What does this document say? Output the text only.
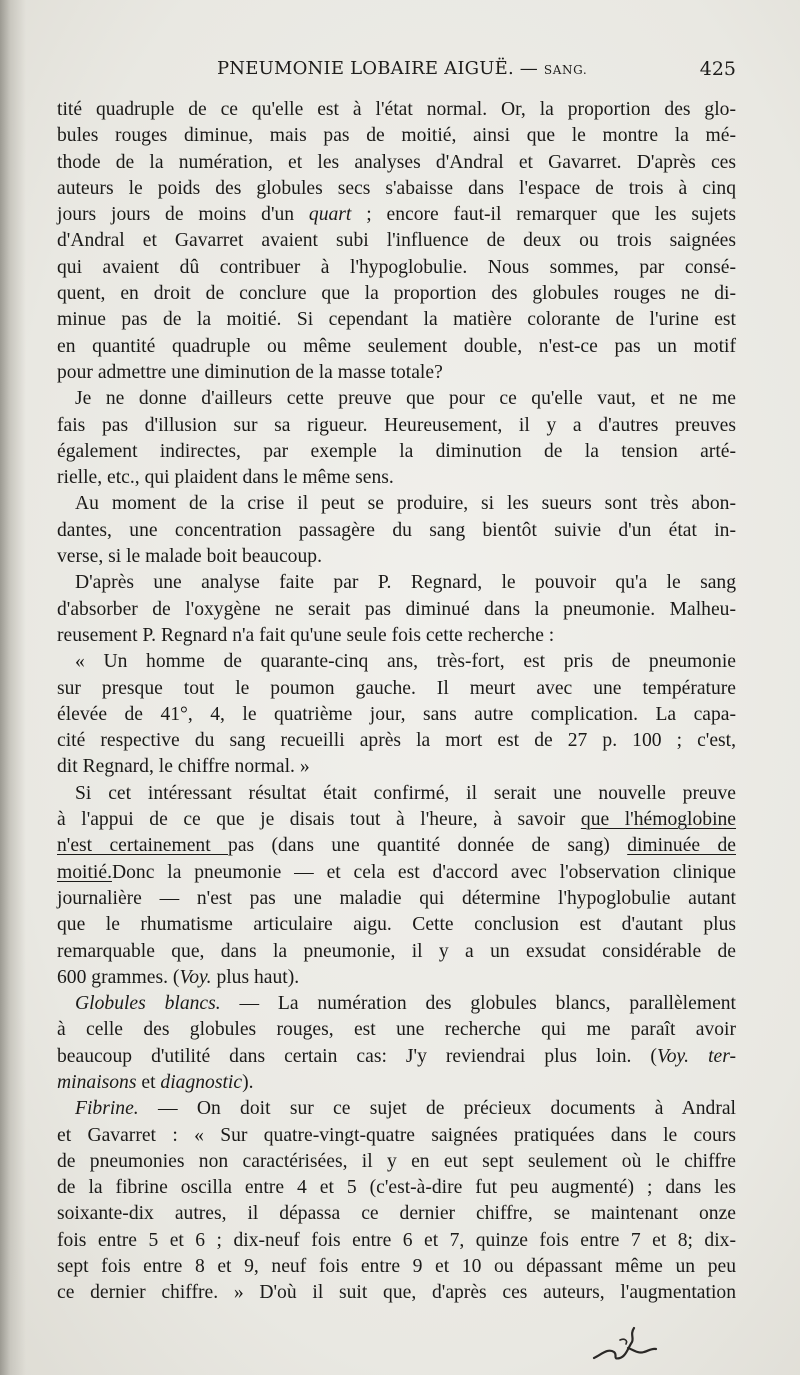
PNEUMONIE LOBAIRE AIGUË. — SANG.	425
tité quadruple de ce qu'elle est à l'état normal. Or, la proportion des glo-
bules rouges diminue, mais pas de moitié, ainsi que le montre la mé-
thode de la numération, et les analyses d'Andral et Gavarret. D'après ces
auteurs le poids des globules secs s'abaisse dans l'espace de trois à cinq
jours jours de moins d'un quart ; encore faut-il remarquer que les sujets
d'Andral et Gavarret avaient subi l'influence de deux ou trois saignées
qui avaient dû contribuer à l'hypoglobulie. Nous sommes, par consé-
quent, en droit de conclure que la proportion des globules rouges ne di-
minue pas de la moitié. Si cependant la matière colorante de l'urine est
en quantité quadruple ou même seulement double, n'est-ce pas un motif
pour admettre une diminution de la masse totale?
Je ne donne d'ailleurs cette preuve que pour ce qu'elle vaut, et ne me
fais pas d'illusion sur sa rigueur. Heureusement, il y a d'autres preuves
également indirectes, par exemple la diminution de la tension arté-
rielle, etc., qui plaident dans le même sens.
Au moment de la crise il peut se produire, si les sueurs sont très abon-
dantes, une concentration passagère du sang bientôt suivie d'un état in-
verse, si le malade boit beaucoup.
D'après une analyse faite par P. Regnard, le pouvoir qu'a le sang
d'absorber de l'oxygène ne serait pas diminué dans la pneumonie. Malheu-
reusement P. Regnard n'a fait qu'une seule fois cette recherche :
« Un homme de quarante-cinq ans, très-fort, est pris de pneumonie
sur presque tout le poumon gauche. Il meurt avec une température
élevée de 41°, 4, le quatrième jour, sans autre complication. La capa-
cité respective du sang recueilli après la mort est de 27 p. 100 ; c'est,
dit Regnard, le chiffre normal. »
Si cet intéressant résultat était confirmé, il serait une nouvelle preuve
à l'appui de ce que je disais tout à l'heure, à savoir que l'hémoglobine
n'est certainement pas (dans une quantité donnée de sang) diminuée de
moitié.Donc la pneumonie — et cela est d'accord avec l'observation clinique
journalière — n'est pas une maladie qui détermine l'hypoglobulie autant
que le rhumatisme articulaire aigu. Cette conclusion est d'autant plus
remarquable que, dans la pneumonie, il y a un exsudat considérable de
600 grammes. (Voy. plus haut).
Globules blancs. — La numération des globules blancs, parallèlement
à celle des globules rouges, est une recherche qui me paraît avoir
beaucoup d'utilité dans certain cas: J'y reviendrai plus loin. (Voy. ter-
minaisons et diagnostic).
Fibrine. — On doit sur ce sujet de précieux documents à Andral
et Gavarret : « Sur quatre-vingt-quatre saignées pratiquées dans le cours
de pneumonies non caractérisées, il y en eut sept seulement où le chiffre
de la fibrine oscilla entre 4 et 5 (c'est-à-dire fut peu augmenté) ; dans les
soixante-dix autres, il dépassa ce dernier chiffre, se maintenant onze
fois entre 5 et 6 ; dix-neuf fois entre 6 et 7, quinze fois entre 7 et 8; dix-
sept fois entre 8 et 9, neuf fois entre 9 et 10 ou dépassant même un peu
ce dernier chiffre. » D'où il suit que, d'après ces auteurs, l'augmentation
